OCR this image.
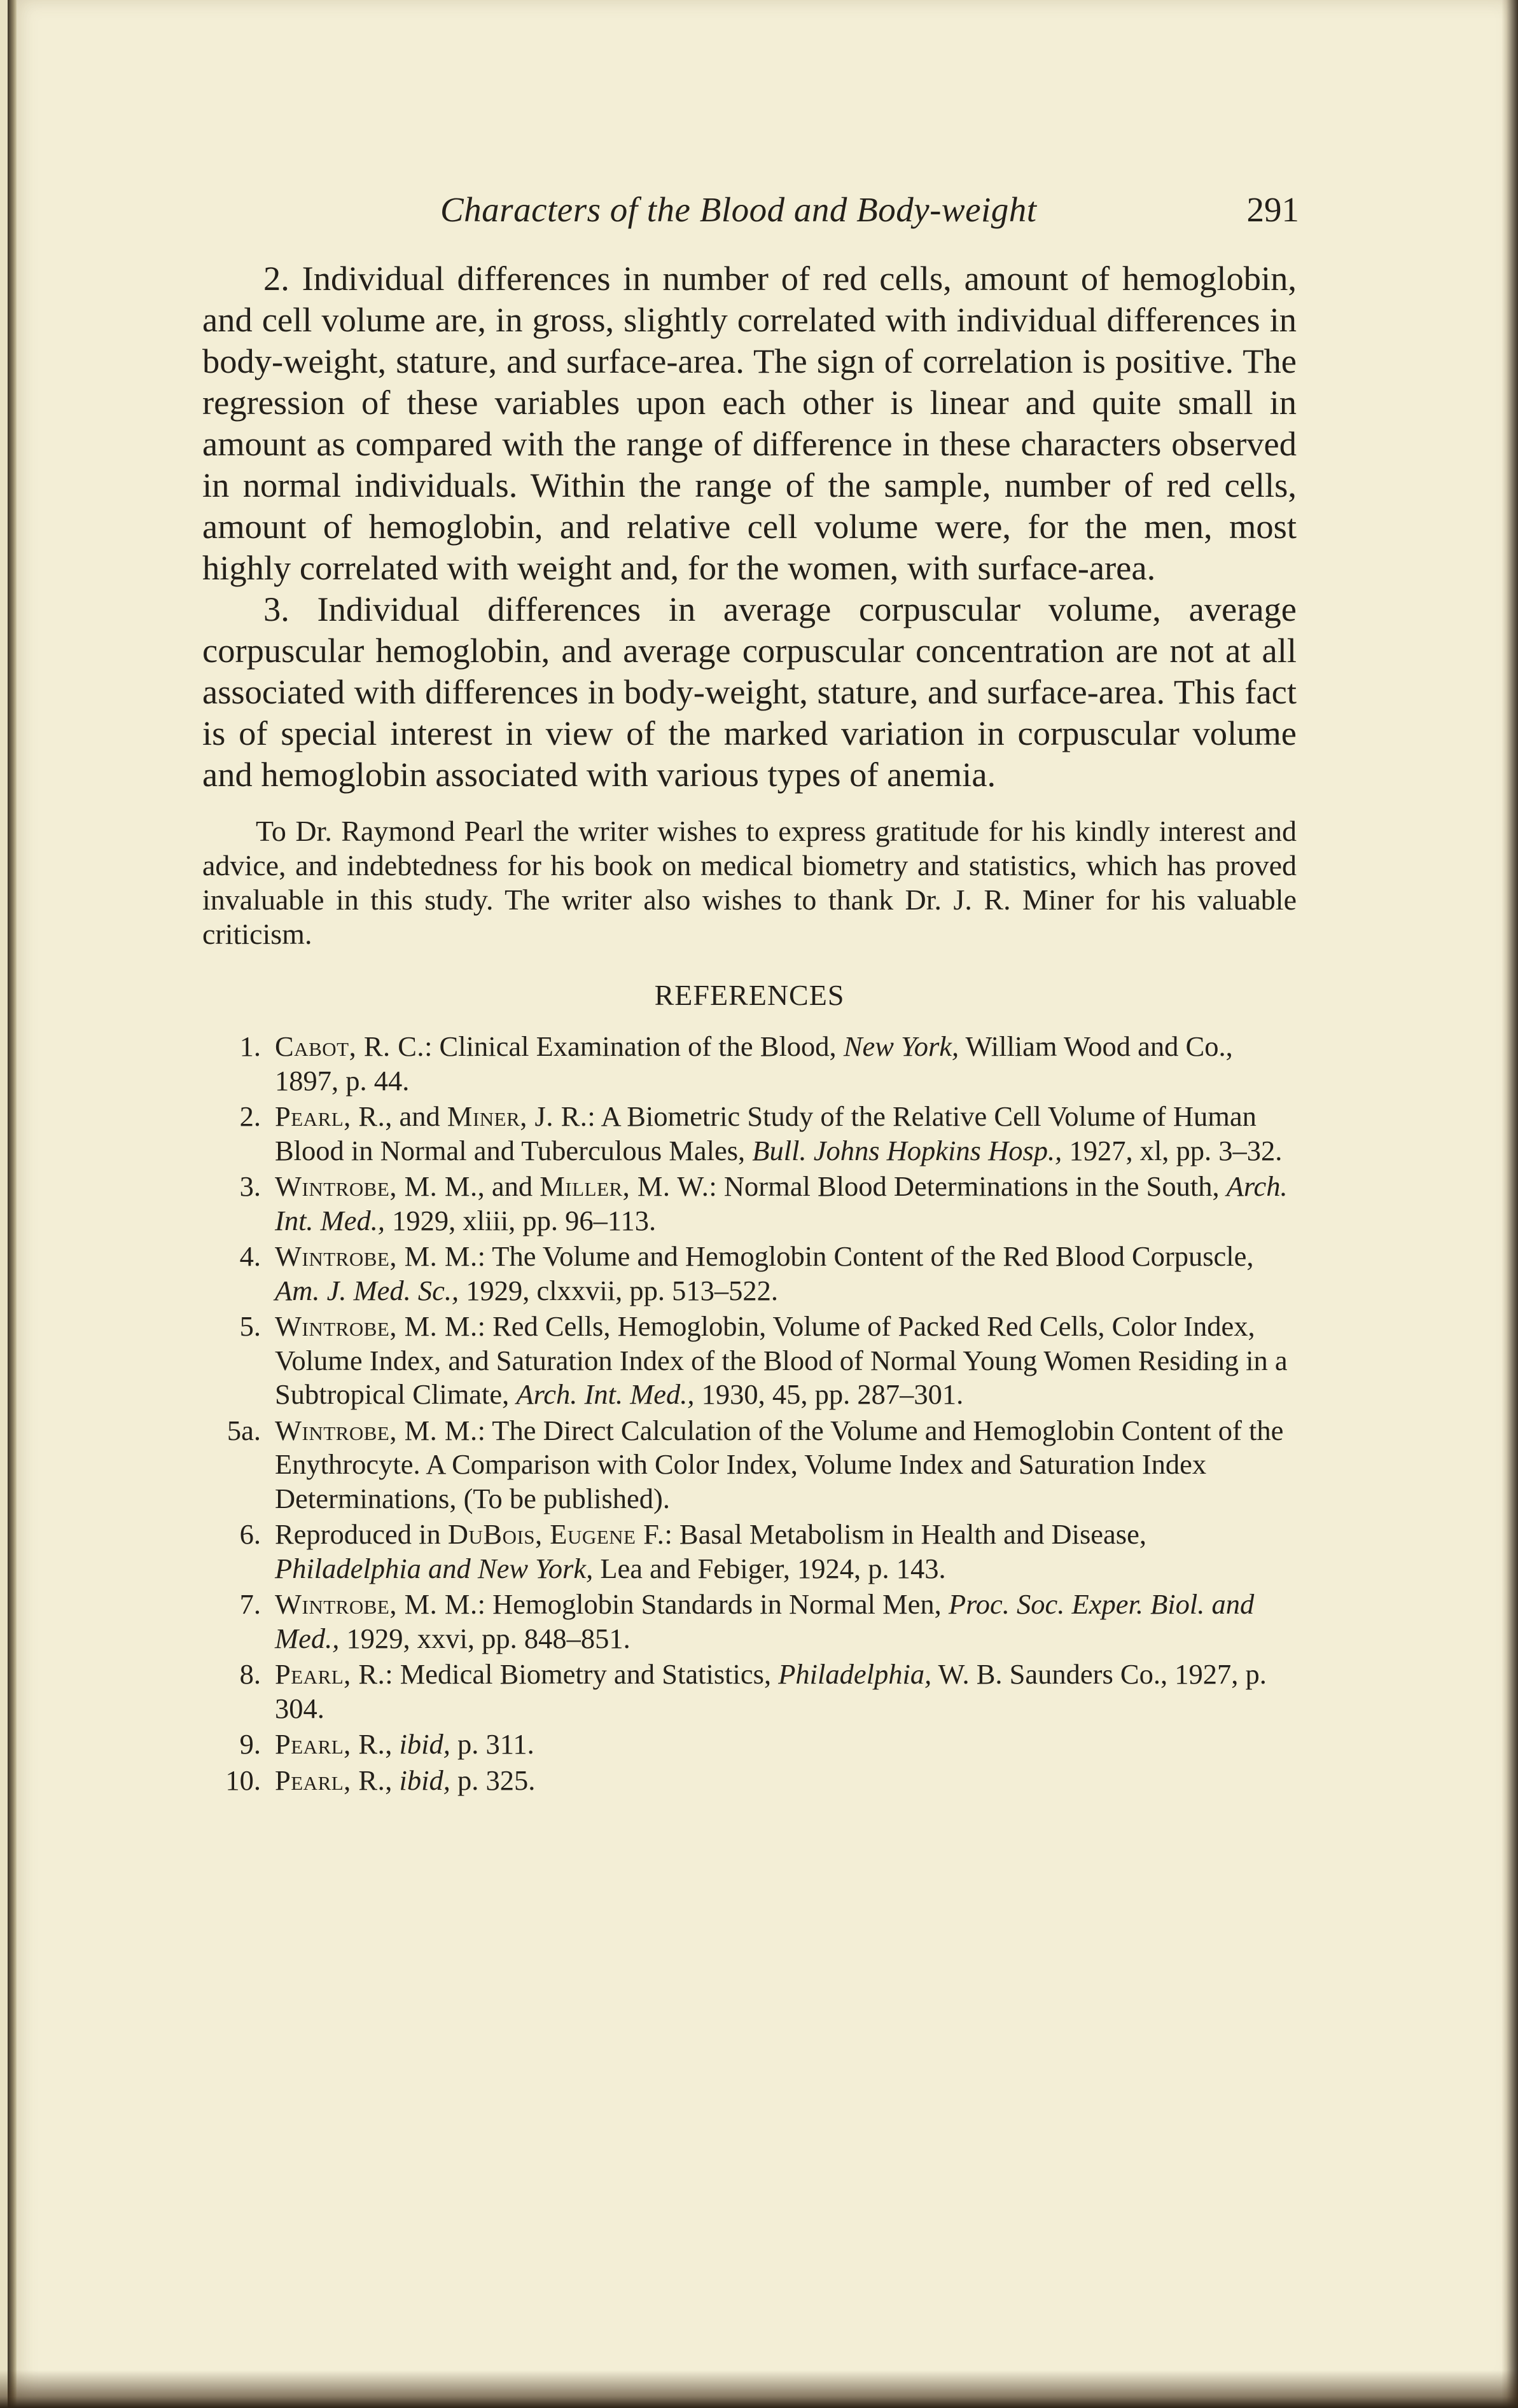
Characters of the Blood and Body-weight	291

2. Individual differences in number of red cells, amount of hemoglobin, and cell volume are, in gross, slightly correlated with individual differences in body-weight, stature, and surface-area. The sign of correlation is positive. The regression of these variables upon each other is linear and quite small in amount as compared with the range of difference in these characters observed in normal individuals. Within the range of the sample, number of red cells, amount of hemoglobin, and relative cell volume were, for the men, most highly correlated with weight and, for the women, with surface-area.

3. Individual differences in average corpuscular volume, average corpuscular hemoglobin, and average corpuscular concentration are not at all associated with differences in body-weight, stature, and surface-area. This fact is of special interest in view of the marked variation in corpuscular volume and hemoglobin associated with various types of anemia.

To Dr. Raymond Pearl the writer wishes to express gratitude for his kindly interest and advice, and indebtedness for his book on medical biometry and statistics, which has proved invaluable in this study. The writer also wishes to thank Dr. J. R. Miner for his valuable criticism.

REFERENCES
1. Cabot, R. C.: Clinical Examination of the Blood, New York, William Wood and Co., 1897, p. 44.
2. Pearl, R., and Miner, J. R.: A Biometric Study of the Relative Cell Volume of Human Blood in Normal and Tuberculous Males, Bull. Johns Hopkins Hosp., 1927, xl, pp. 3–32.
3. Wintrobe, M. M., and Miller, M. W.: Normal Blood Determinations in the South, Arch. Int. Med., 1929, xliii, pp. 96–113.
4. Wintrobe, M. M.: The Volume and Hemoglobin Content of the Red Blood Corpuscle, Am. J. Med. Sc., 1929, clxxvii, pp. 513–522.
5. Wintrobe, M. M.: Red Cells, Hemoglobin, Volume of Packed Red Cells, Color Index, Volume Index, and Saturation Index of the Blood of Normal Young Women Residing in a Subtropical Climate, Arch. Int. Med., 1930, 45, pp. 287–301.
5a. Wintrobe, M. M.: The Direct Calculation of the Volume and Hemoglobin Content of the Enythrocyte. A Comparison with Color Index, Volume Index and Saturation Index Determinations, (To be published).
6. Reproduced in DuBois, Eugene F.: Basal Metabolism in Health and Disease, Philadelphia and New York, Lea and Febiger, 1924, p. 143.
7. Wintrobe, M. M.: Hemoglobin Standards in Normal Men, Proc. Soc. Exper. Biol. and Med., 1929, xxvi, pp. 848–851.
8. Pearl, R.: Medical Biometry and Statistics, Philadelphia, W. B. Saunders Co., 1927, p. 304.
9. Pearl, R., ibid, p. 311.
10. Pearl, R., ibid, p. 325.
